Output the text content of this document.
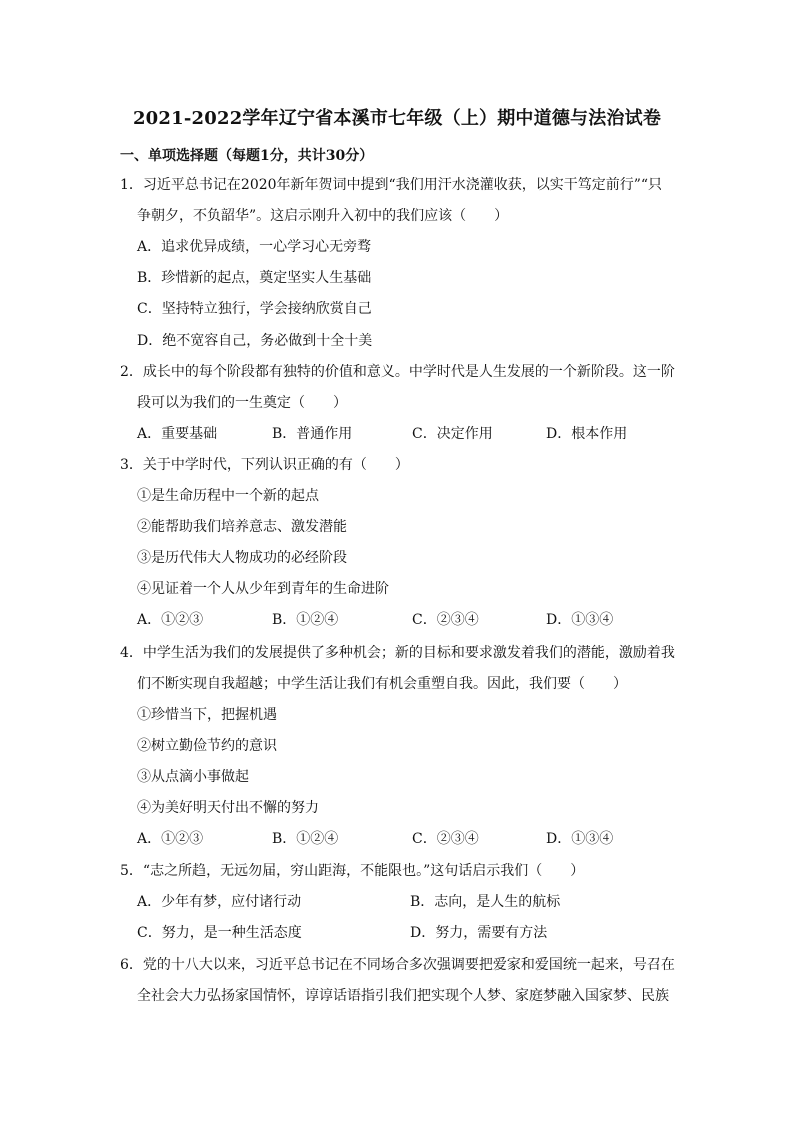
2021-2022学年辽宁省本溪市七年级（上）期中道德与法治试卷
一、单项选择题（每题1分，共计30分）
1．习近平总书记在2020年新年贺词中提到“我们用汗水浇灌收获，以实干笃定前行”“只
争朝夕，不负韶华”。这启示刚升入初中的我们应该（　　）
A．追求优异成绩，一心学习心无旁骛
B．珍惜新的起点，奠定坚实人生基础
C．坚持特立独行，学会接纳欣赏自己
D．绝不宽容自己，务必做到十全十美
2．成长中的每个阶段都有独特的价值和意义。中学时代是人生发展的一个新阶段。这一阶
段可以为我们的一生奠定（　　）
A．重要基础	B．普通作用	C．决定作用	D．根本作用
3．关于中学时代，下列认识正确的有（　　）
①是生命历程中一个新的起点
②能帮助我们培养意志、激发潜能
③是历代伟大人物成功的必经阶段
④见证着一个人从少年到青年的生命进阶
A．①②③	B．①②④	C．②③④	D．①③④
4．中学生活为我们的发展提供了多种机会；新的目标和要求激发着我们的潜能，激励着我
们不断实现自我超越；中学生活让我们有机会重塑自我。因此，我们要（　　）
①珍惜当下，把握机遇
②树立勤俭节约的意识
③从点滴小事做起
④为美好明天付出不懈的努力
A．①②③	B．①②④	C．②③④	D．①③④
5．“志之所趋，无远勿届，穷山距海，不能限也。”这句话启示我们（　　）
A．少年有梦，应付诸行动	B．志向，是人生的航标
C．努力，是一种生活态度	D．努力，需要有方法
6．党的十八大以来，习近平总书记在不同场合多次强调要把爱家和爱国统一起来，号召在
全社会大力弘扬家国情怀，谆谆话语指引我们把实现个人梦、家庭梦融入国家梦、民族
